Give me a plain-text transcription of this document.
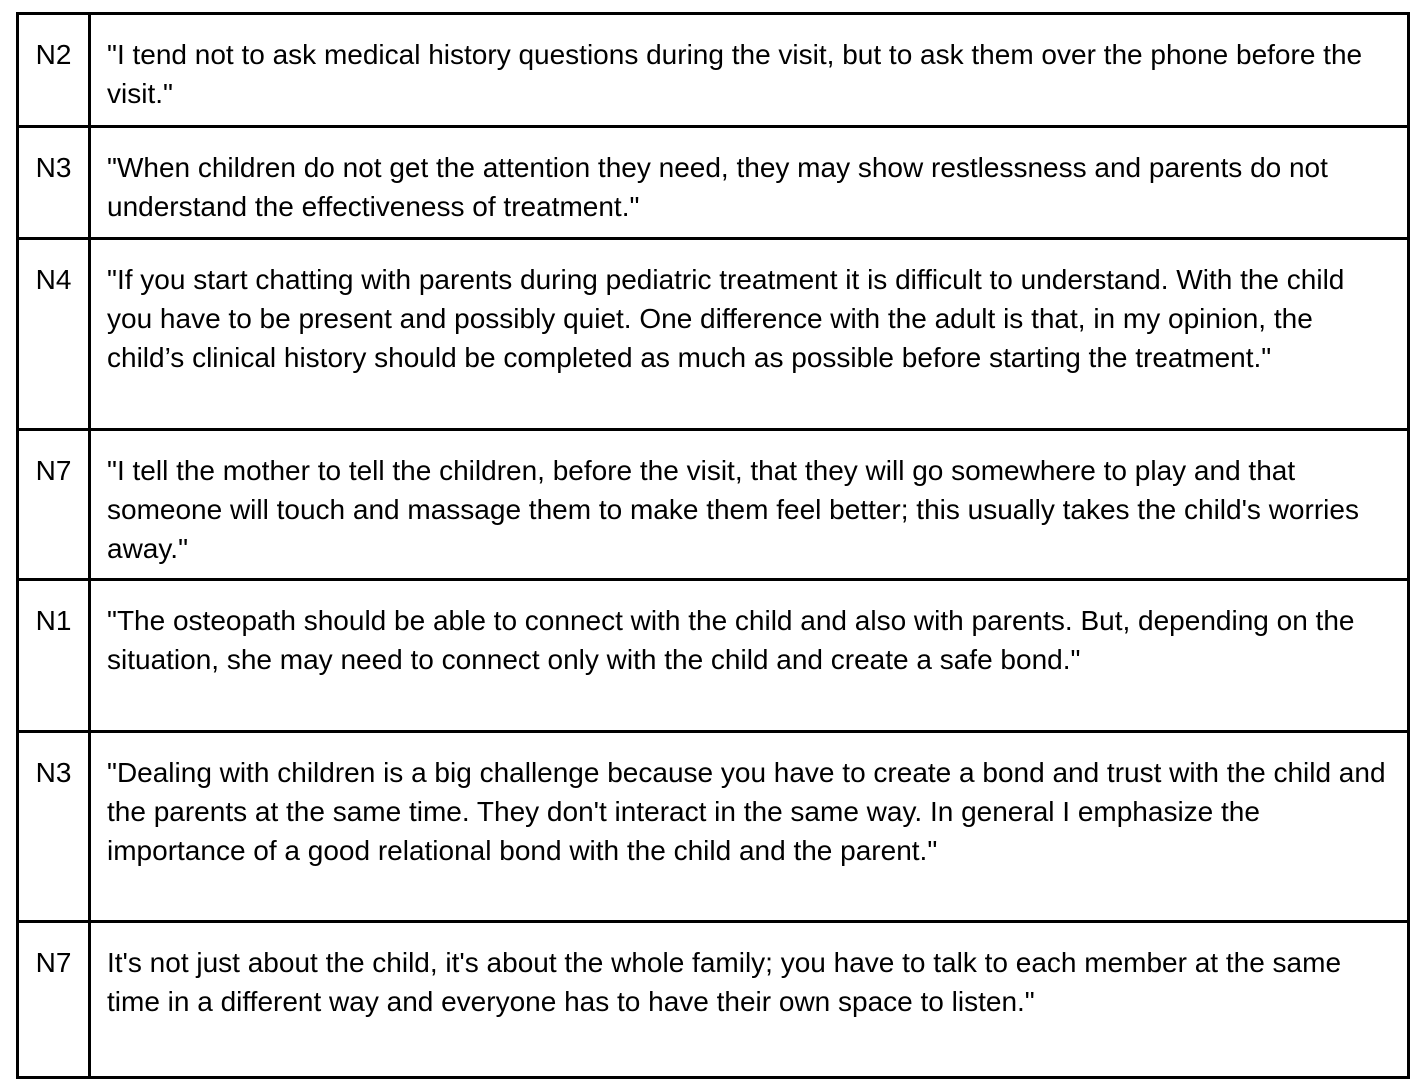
N2	"I tend not to ask medical history questions during the visit, but to ask them over the phone before the visit."
N3	"When children do not get the attention they need, they may show restlessness and parents do not understand the effectiveness of treatment."
N4	"If you start chatting with parents during pediatric treatment it is difficult to understand. With the child you have to be present and possibly quiet. One difference with the adult is that, in my opinion, the child’s clinical history should be completed as much as possible before starting the treatment."
N7	"I tell the mother to tell the children, before the visit, that they will go somewhere to play and that someone will touch and massage them to make them feel better; this usually takes the child's worries away."
N1	"The osteopath should be able to connect with the child and also with parents. But, depending on the situation, she may need to connect only with the child and create a safe bond."
N3	"Dealing with children is a big challenge because you have to create a bond and trust with the child and the parents at the same time. They don't interact in the same way. In general I emphasize the importance of a good relational bond with the child and the parent."
N7	It's not just about the child, it's about the whole family; you have to talk to each member at the same time in a different way and everyone has to have their own space to listen."
